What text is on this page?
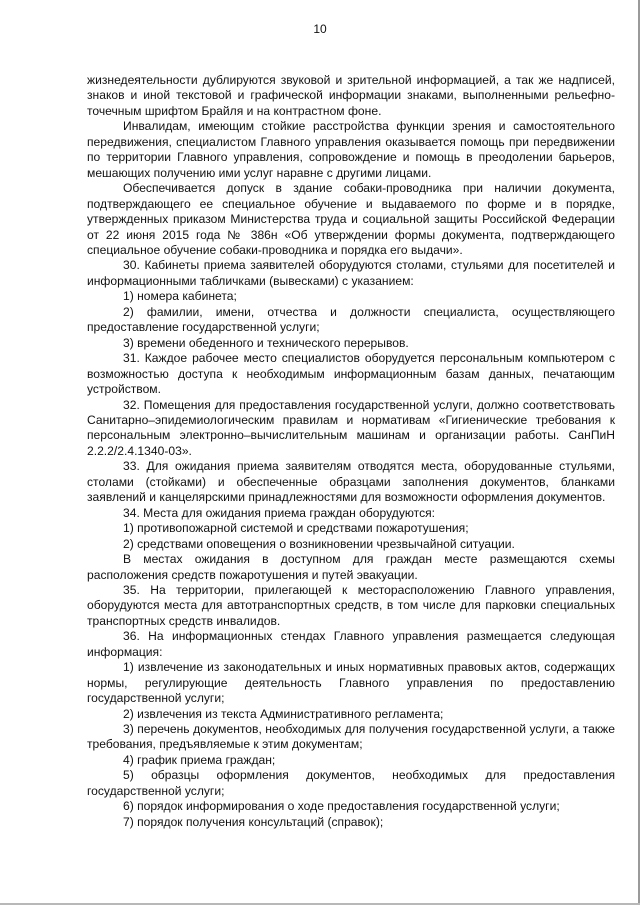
10

жизнедеятельности дублируются звуковой и зрительной информацией, а так же надписей, знаков и иной текстовой и графической информации знаками, выполненными рельефно-точечным шрифтом Брайля и на контрастном фоне.

Инвалидам, имеющим стойкие расстройства функции зрения и самостоятельного передвижения, специалистом Главного управления оказывается помощь при передвижении по территории Главного управления, сопровождение и помощь в преодолении барьеров, мешающих получению ими услуг наравне с другими лицами.

Обеспечивается допуск в здание собаки-проводника при наличии документа, подтверждающего ее специальное обучение и выдаваемого по форме и в порядке, утвержденных приказом Министерства труда и социальной защиты Российской Федерации от 22 июня 2015 года № 386н «Об утверждении формы документа, подтверждающего специальное обучение собаки-проводника и порядка его выдачи».

30. Кабинеты приема заявителей оборудуются столами, стульями для посетителей и информационными табличками (вывесками) с указанием:

1) номера кабинета;

2) фамилии, имени, отчества и должности специалиста, осуществляющего предоставление государственной услуги;

3) времени обеденного и технического перерывов.

31. Каждое рабочее место специалистов оборудуется персональным компьютером с возможностью доступа к необходимым информационным базам данных, печатающим устройством.

32. Помещения для предоставления государственной услуги, должно соответствовать Санитарно–эпидемиологическим правилам и нормативам «Гигиенические требования к персональным электронно–вычислительным машинам и организации работы. СанПиН 2.2.2/2.4.1340-03».

33. Для ожидания приема заявителям отводятся места, оборудованные стульями, столами (стойками) и обеспеченные образцами заполнения документов, бланками заявлений и канцелярскими принадлежностями для возможности оформления документов.

34. Места для ожидания приема граждан оборудуются:

1) противопожарной системой и средствами пожаротушения;

2) средствами оповещения о возникновении чрезвычайной ситуации.

В местах ожидания в доступном для граждан месте размещаются схемы расположения средств пожаротушения и путей эвакуации.

35. На территории, прилегающей к месторасположению Главного управления, оборудуются места для автотранспортных средств, в том числе для парковки специальных транспортных средств инвалидов.

36. На информационных стендах Главного управления размещается следующая информация:

1) извлечение из законодательных и иных нормативных правовых актов, содержащих нормы, регулирующие деятельность Главного управления по предоставлению государственной услуги;

2) извлечения из текста Административного регламента;

3) перечень документов, необходимых для получения государственной услуги, а также требования, предъявляемые к этим документам;

4) график приема граждан;

5) образцы оформления документов, необходимых для предоставления государственной услуги;

6) порядок информирования о ходе предоставления государственной услуги;

7) порядок получения консультаций (справок);
